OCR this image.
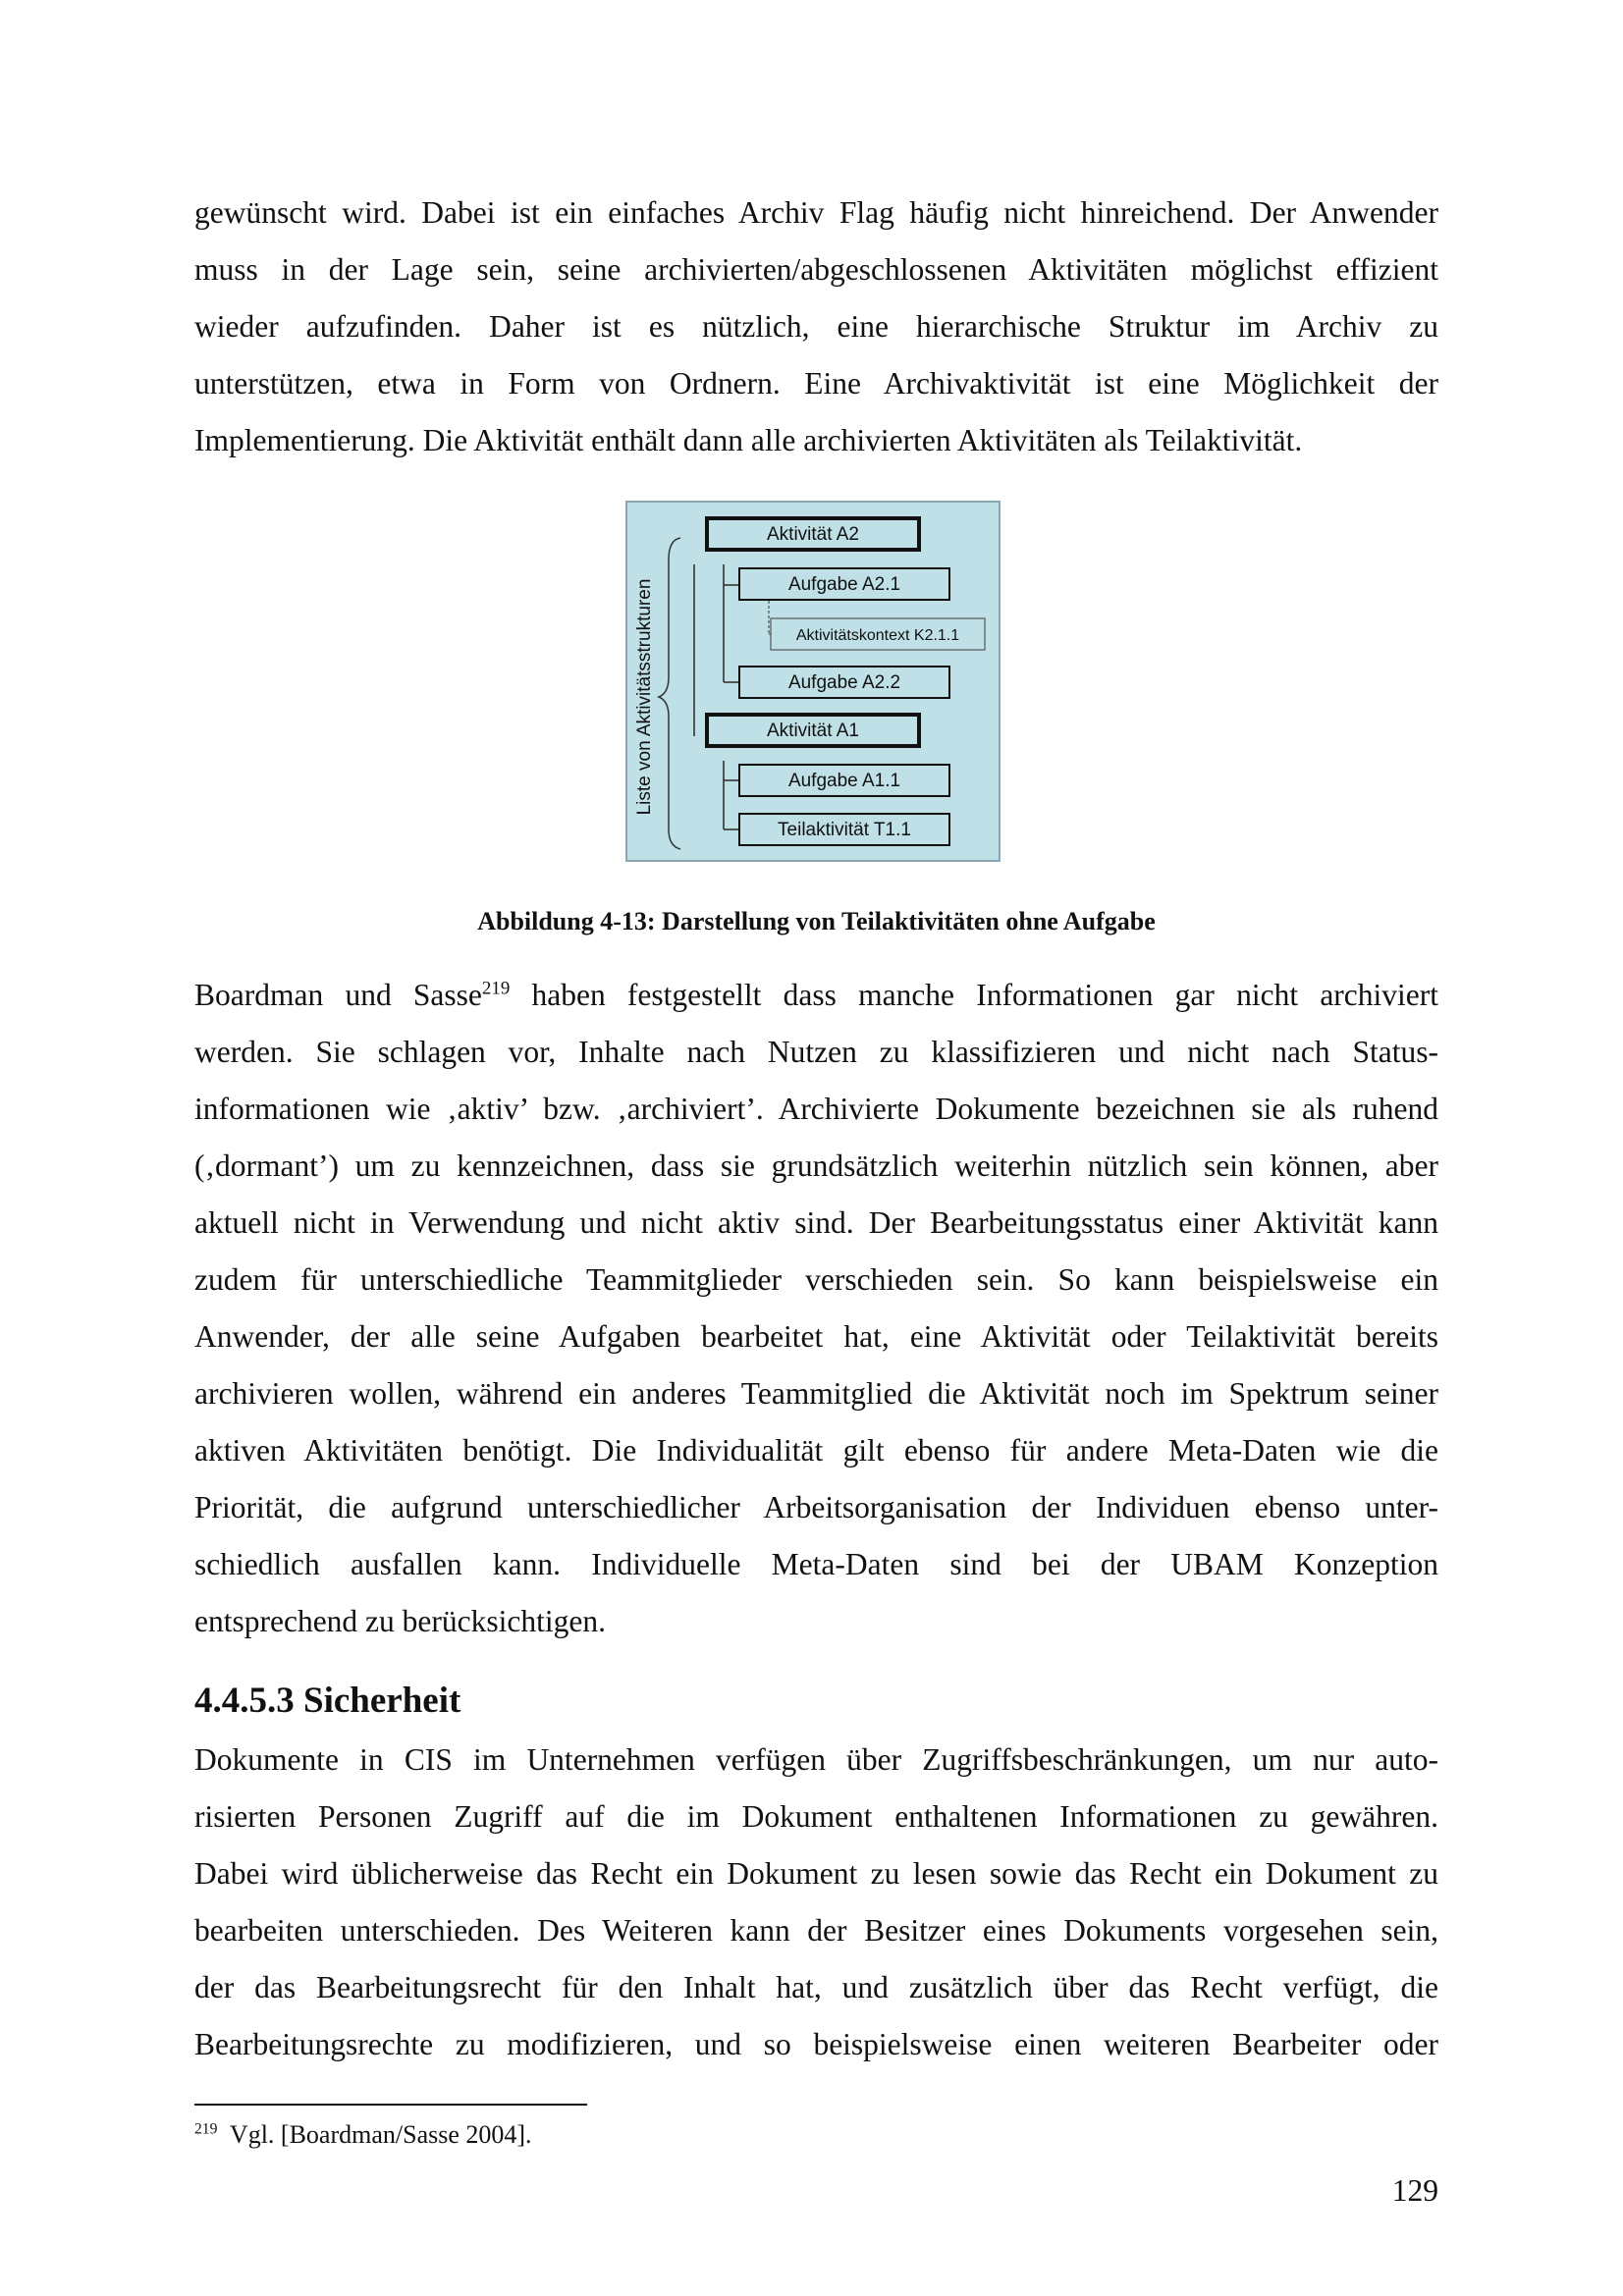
gewünscht wird. Dabei ist ein einfaches Archiv Flag häufig nicht hinreichend. Der Anwender
muss in der Lage sein, seine archivierten/abgeschlossenen Aktivitäten möglichst effizient
wieder aufzufinden. Daher ist es nützlich, eine hierarchische Struktur im Archiv zu
unterstützen, etwa in Form von Ordnern. Eine Archivaktivität ist eine Möglichkeit der
Implementierung. Die Aktivität enthält dann alle archivierten Aktivitäten als Teilaktivität.
Liste von Aktivitätsstrukturen
Aktivität A2
Aufgabe A2.1
Aktivitätskontext K2.1.1
Aufgabe A2.2
Aktivität A1
Aufgabe A1.1
Teilaktivität T1.1
Abbildung 4-13: Darstellung von Teilaktivitäten ohne Aufgabe
Boardman und Sasse$^{219}$ haben festgestellt dass manche Informationen gar nicht archiviert
werden. Sie schlagen vor, Inhalte nach Nutzen zu klassifizieren und nicht nach Status-
informationen wie ‚aktiv’ bzw. ‚archiviert’. Archivierte Dokumente bezeichnen sie als ruhend
(‚dormant’) um zu kennzeichnen, dass sie grundsätzlich weiterhin nützlich sein können, aber
aktuell nicht in Verwendung und nicht aktiv sind. Der Bearbeitungsstatus einer Aktivität kann
zudem für unterschiedliche Teammitglieder verschieden sein. So kann beispielsweise ein
Anwender, der alle seine Aufgaben bearbeitet hat, eine Aktivität oder Teilaktivität bereits
archivieren wollen, während ein anderes Teammitglied die Aktivität noch im Spektrum seiner
aktiven Aktivitäten benötigt. Die Individualität gilt ebenso für andere Meta-Daten wie die
Priorität, die aufgrund unterschiedlicher Arbeitsorganisation der Individuen ebenso unter-
schiedlich ausfallen kann. Individuelle Meta-Daten sind bei der UBAM Konzeption
entsprechend zu berücksichtigen.
4.4.5.3 Sicherheit
Dokumente in CIS im Unternehmen verfügen über Zugriffsbeschränkungen, um nur auto-
risierten Personen Zugriff auf die im Dokument enthaltenen Informationen zu gewähren.
Dabei wird üblicherweise das Recht ein Dokument zu lesen sowie das Recht ein Dokument zu
bearbeiten unterschieden. Des Weiteren kann der Besitzer eines Dokuments vorgesehen sein,
der das Bearbeitungsrecht für den Inhalt hat, und zusätzlich über das Recht verfügt, die
Bearbeitungsrechte zu modifizieren, und so beispielsweise einen weiteren Bearbeiter oder
$^{219}$ Vgl. [Boardman/Sasse 2004].
129
